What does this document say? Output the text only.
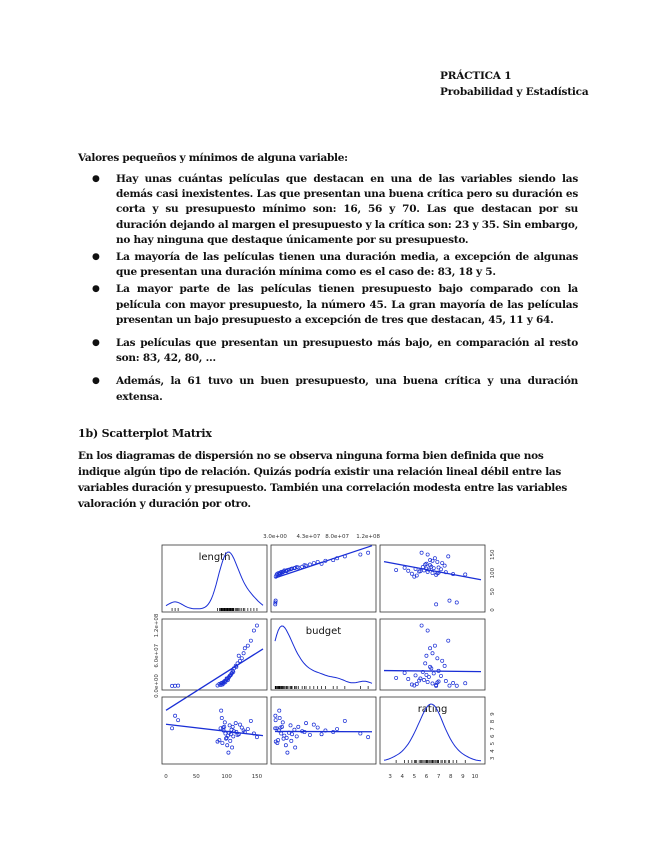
PRÁCTICA 1
Probabilidad y Estadística
Valores pequeños y mínimos de alguna variable:
● Hay unas cuántas películas que destacan en una de las variables siendo las demás casi inexistentes. Las que presentan una buena crítica pero su duración es corta y su presupuesto mínimo son: 16, 56 y 70. Las que destacan por su duración dejando al margen el presupuesto y la crítica son: 23 y 35. Sin embargo, no hay ninguna que destaque únicamente por su presupuesto.
● La mayoría de las películas tienen una duración media, a excepción de algunas que presentan una duración mínima como es el caso de: 83, 18 y 5.
● La mayor parte de las películas tienen presupuesto bajo comparado con la película con mayor presupuesto, la número 45. La gran mayoría de las películas presentan un bajo presupuesto a excepción de tres que destacan, 45, 11 y 64.
● Las películas que presentan un presupuesto más bajo, en comparación al resto son: 83, 42, 80, …
● Además, la 61 tuvo un buen presupuesto, una buena crítica y una duración extensa.
1b) Scatterplot Matrix
En los diagramas de dispersión no se observa ninguna forma bien definida que nos indique algún tipo de relación. Quizás podría existir una relación lineal débil entre las variables duración y presupuesto. También una correlación modesta entre las variables valoración y duración por otro.
length
budget
rating
0	50	100	150	3 4 5 6 7 8 9 10
3.0e+00 4.3e+07 8.0e+07 1.2e+08
0.0e+00
6.0e+07
1.2e+08
0
50
100
150
3
4
5
6
7
8
9
